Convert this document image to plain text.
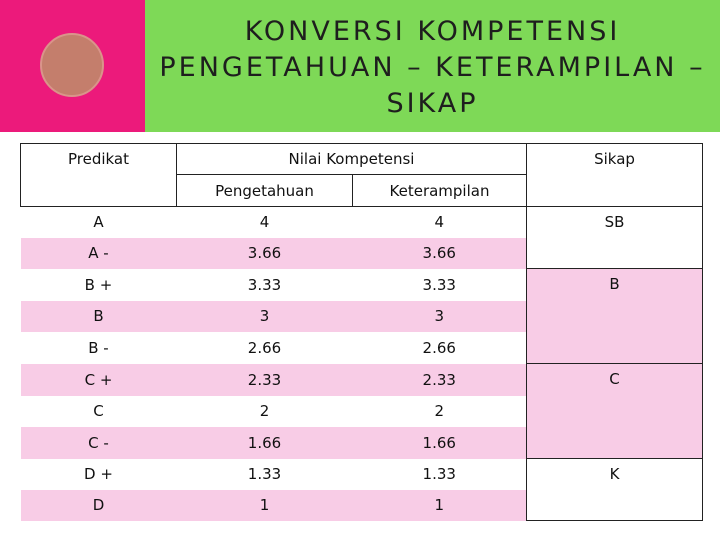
KONVERSI KOMPETENSI
PENGETAHUAN – KETERAMPILAN –
SIKAP
Predikat	Nilai Kompetensi		Sikap
	Pengetahuan	Keterampilan	
A	4	4	SB
A -	3.66	3.66	
B +	3.33	3.33	B
B	3	3	
B -	2.66	2.66	
C +	2.33	2.33	C
C	2	2	
C -	1.66	1.66	
D +	1.33	1.33	K
D	1	1	
